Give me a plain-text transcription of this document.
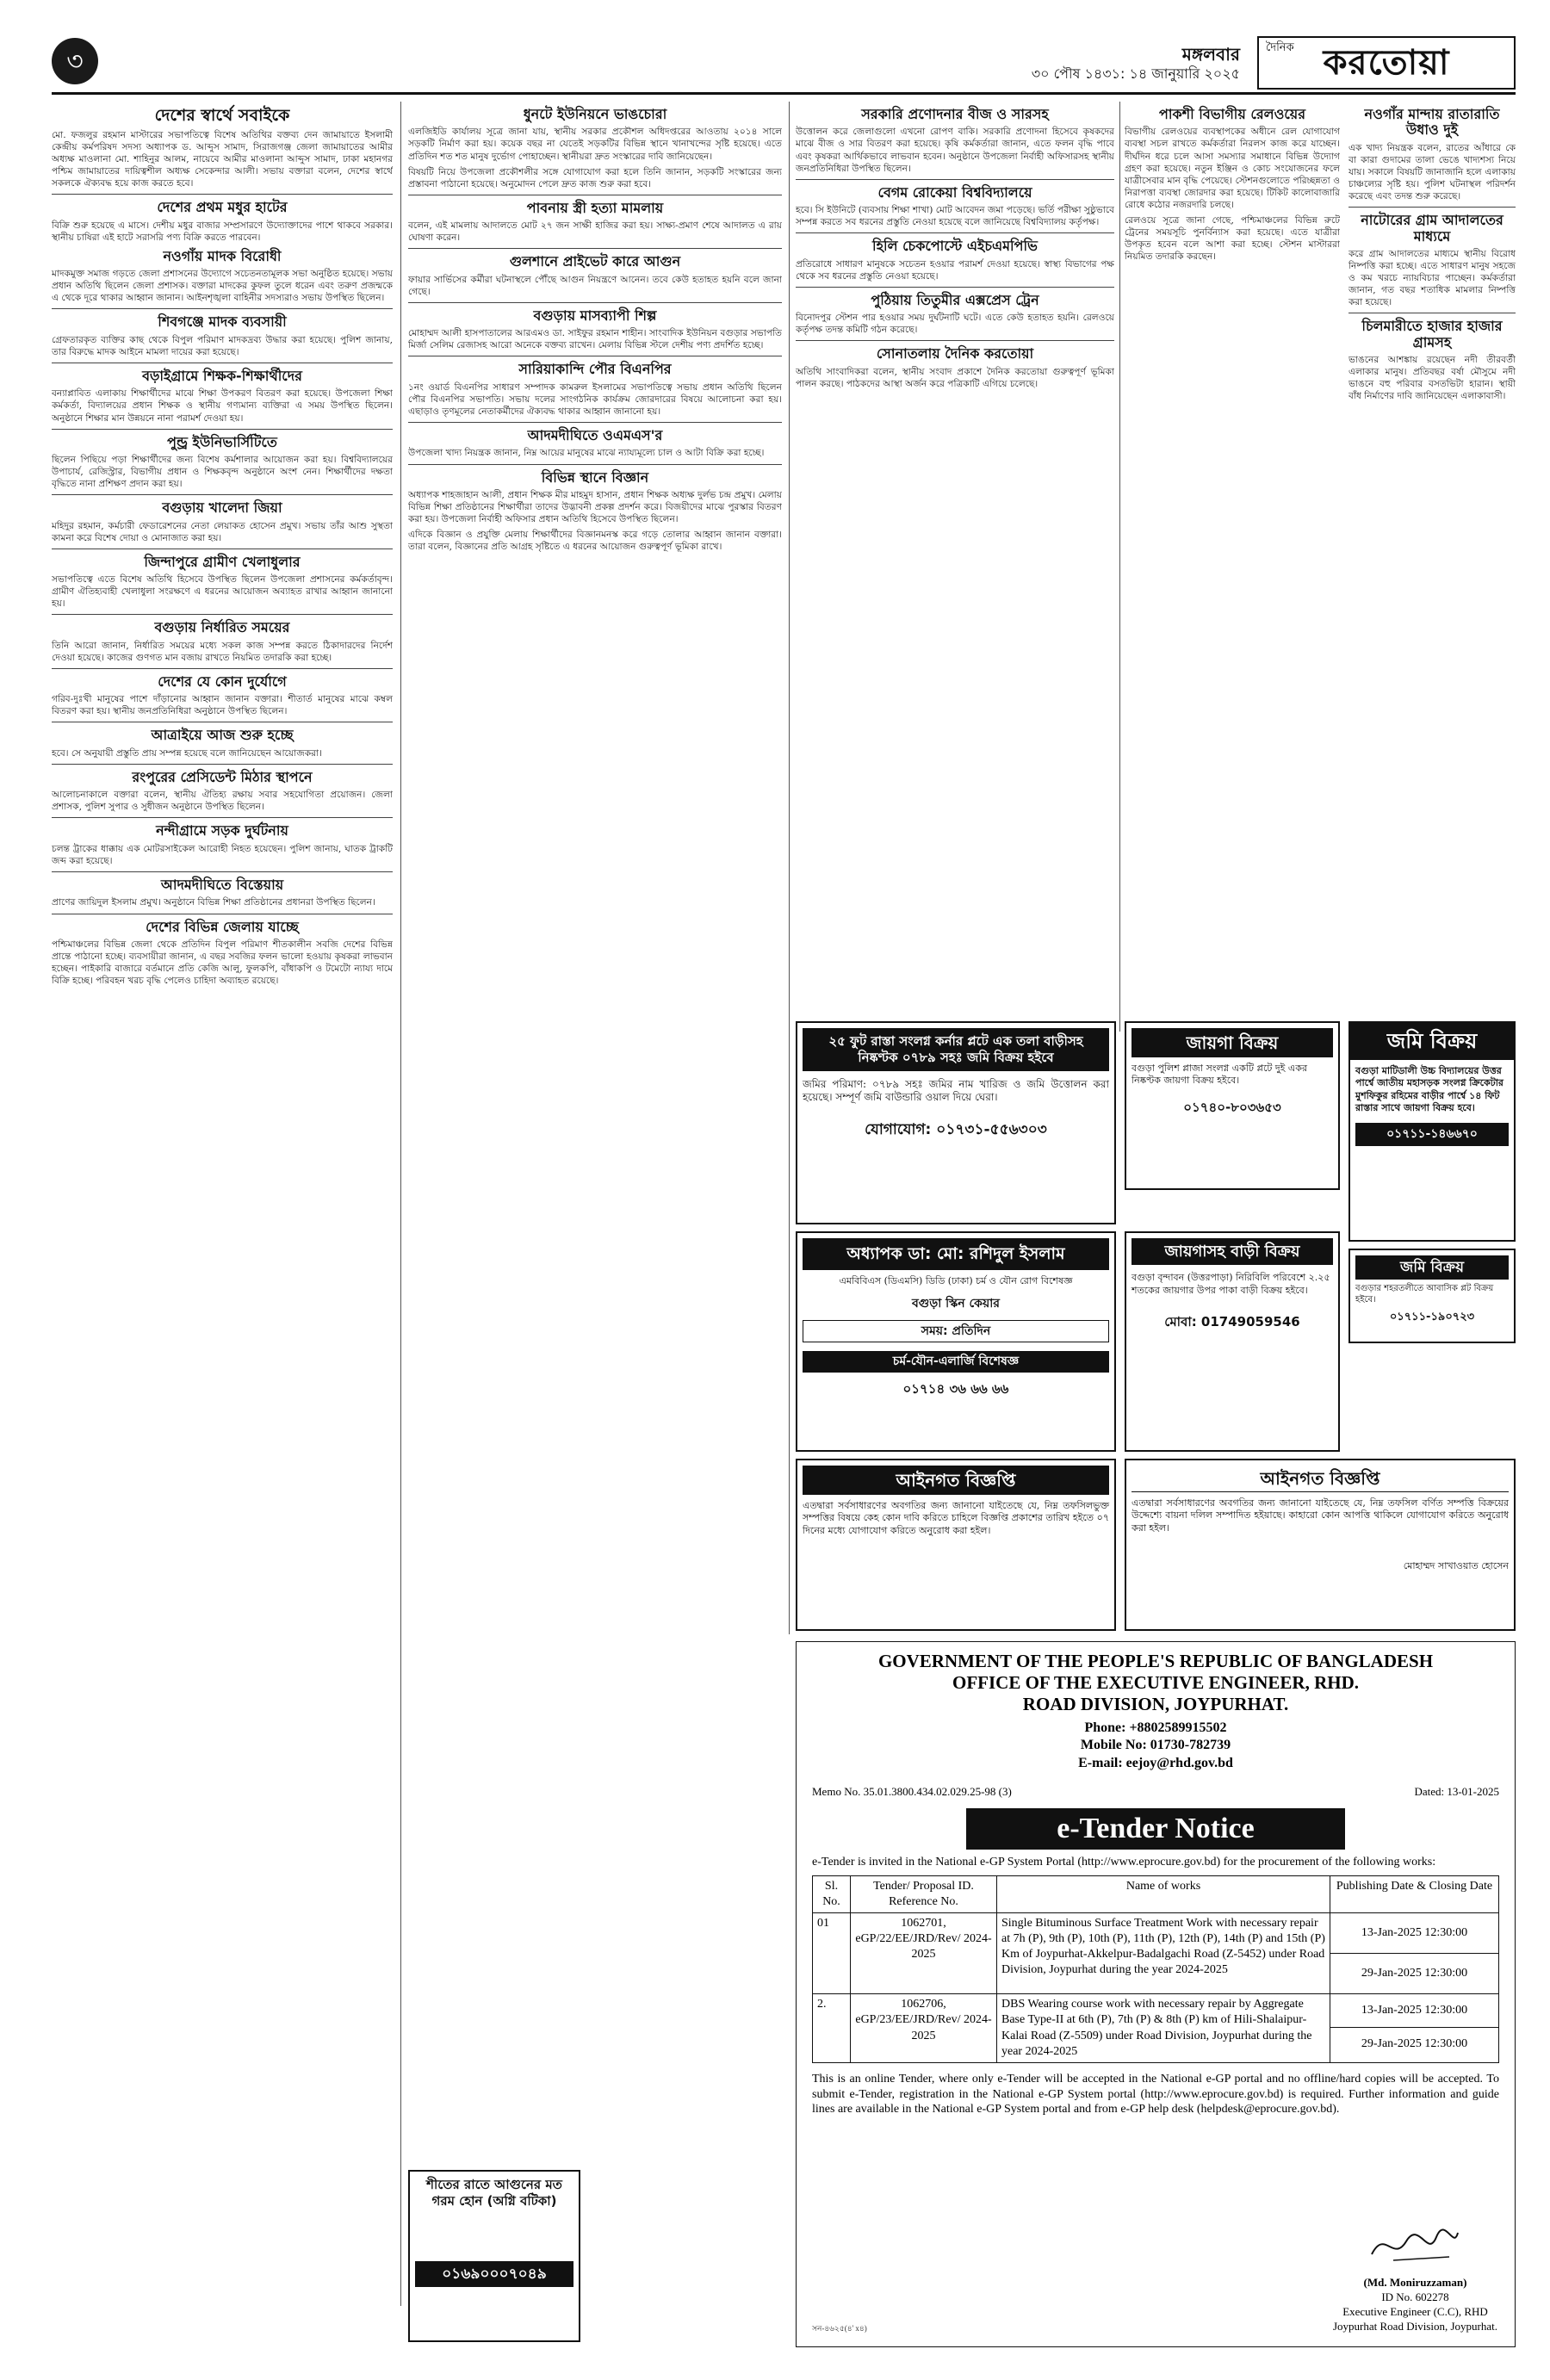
৩	মঙ্গলবার
৩০ পৌষ ১৪৩১: ১৪ জানুয়ারি ২০২৫
দৈনিক করতোয়া
দেশের স্বার্থে সবাইকে

মো. ফজলুর রহমান মাস্টারের সভাপতিত্বে বিশেষ অতিথির বক্তব্য দেন জামায়াতে ইসলামী কেন্দ্রীয় কর্মপরিষদ সদস্য অধ্যাপক ড. আব্দুস সামাদ, সিরাজগঞ্জ জেলা জামায়াতের আমীর অধ্যক্ষ মাওলানা মো. শাহিনুর আলম, নায়েবে আমীর মাওলানা আব্দুস সামাদ, ঢাকা মহানগর পশ্চিম জামায়াতের দায়িত্বশীল অধ্যক্ষ সেকেন্দার আলী। সভায় বক্তারা বলেন, দেশের স্বার্থে সকলকে ঐক্যবদ্ধ হয়ে কাজ করতে হবে।

দেশের প্রথম মধুর হাটের

বিক্রি শুরু হয়েছে এ মাসে। দেশীয় মধুর বাজার সম্প্রসারণে উদ্যোক্তাদের পাশে থাকবে সরকার। স্থানীয় চাষিরা এই হাটে সরাসরি পণ্য বিক্রি করতে পারবেন।

নওগাঁয় মাদক বিরোধী

মাদকমুক্ত সমাজ গড়তে জেলা প্রশাসনের উদ্যোগে সচেতনতামূলক সভা অনুষ্ঠিত হয়েছে। সভায় প্রধান অতিথি ছিলেন জেলা প্রশাসক। বক্তারা মাদকের কুফল তুলে ধরেন এবং তরুণ প্রজন্মকে এ থেকে দূরে থাকার আহ্বান জানান। আইনশৃঙ্খলা বাহিনীর সদস্যরাও সভায় উপস্থিত ছিলেন।

শিবগঞ্জে মাদক ব্যবসায়ী

গ্রেফতারকৃত ব্যক্তির কাছ থেকে বিপুল পরিমাণ মাদকদ্রব্য উদ্ধার করা হয়েছে। পুলিশ জানায়, তার বিরুদ্ধে মাদক আইনে মামলা দায়ের করা হয়েছে।

বড়াইগ্রামে শিক্ষক-শিক্ষার্থীদের

বন্যাপ্লাবিত এলাকায় শিক্ষার্থীদের মাঝে শিক্ষা উপকরণ বিতরণ করা হয়েছে। উপজেলা শিক্ষা কর্মকর্তা, বিদ্যালয়ের প্রধান শিক্ষক ও স্থানীয় গণ্যমান্য ব্যক্তিরা এ সময় উপস্থিত ছিলেন। অনুষ্ঠানে শিক্ষার মান উন্নয়নে নানা পরামর্শ দেওয়া হয়।

পুন্ড্র ইউনিভার্সিটিতে

ছিলেন পিছিয়ে পড়া শিক্ষার্থীদের জন্য বিশেষ কর্মশালার আয়োজন করা হয়। বিশ্ববিদ্যালয়ের উপাচার্য, রেজিস্ট্রার, বিভাগীয় প্রধান ও শিক্ষকবৃন্দ অনুষ্ঠানে অংশ নেন। শিক্ষার্থীদের দক্ষতা বৃদ্ধিতে নানা প্রশিক্ষণ প্রদান করা হয়।

বগুড়ায় খালেদা জিয়া

মহিদুর রহমান, কর্মচারী ফেডারেশনের নেতা লেয়াকত হোসেন প্রমুখ। সভায় তাঁর আশু সুস্থতা কামনা করে বিশেষ দোয়া ও মোনাজাত করা হয়।

জিন্দাপুরে গ্রামীণ খেলাধুলার

সভাপতিত্বে এতে বিশেষ অতিথি হিসেবে উপস্থিত ছিলেন উপজেলা প্রশাসনের কর্মকর্তাবৃন্দ। গ্রামীণ ঐতিহ্যবাহী খেলাধুলা সংরক্ষণে এ ধরনের আয়োজন অব্যাহত রাখার আহ্বান জানানো হয়।

বগুড়ায় নির্ধারিত সময়ের

তিনি আরো জানান, নির্ধারিত সময়ের মধ্যে সকল কাজ সম্পন্ন করতে ঠিকাদারদের নির্দেশ দেওয়া হয়েছে। কাজের গুণগত মান বজায় রাখতে নিয়মিত তদারকি করা হচ্ছে।

দেশের যে কোন দুর্যোগে

গরিব-দুঃখী মানুষের পাশে দাঁড়ানোর আহ্বান জানান বক্তারা। শীতার্ত মানুষের মাঝে কম্বল বিতরণ করা হয়। স্থানীয় জনপ্রতিনিধিরা অনুষ্ঠানে উপস্থিত ছিলেন।

আত্রাইয়ে আজ শুরু হচ্ছে

হবে। সে অনুযায়ী প্রস্তুতি প্রায় সম্পন্ন হয়েছে বলে জানিয়েছেন আয়োজকরা।

রংপুরের প্রেসিডেন্ট মিঠার স্থাপনে

আলোচনাকালে বক্তারা বলেন, স্থানীয় ঐতিহ্য রক্ষায় সবার সহযোগিতা প্রয়োজন। জেলা প্রশাসক, পুলিশ সুপার ও সুধীজন অনুষ্ঠানে উপস্থিত ছিলেন।

নন্দীগ্রামে সড়ক দুর্ঘটনায়

চলন্ত ট্রাকের ধাক্কায় এক মোটরসাইকেল আরোহী নিহত হয়েছেন। পুলিশ জানায়, ঘাতক ট্রাকটি জব্দ করা হয়েছে।

আদমদীঘিতে বিস্তেয়ায়

প্রাণের জায়িদুল ইসলাম প্রমুখ। অনুষ্ঠানে বিভিন্ন শিক্ষা প্রতিষ্ঠানের প্রধানরা উপস্থিত ছিলেন।

দেশের বিভিন্ন জেলায় যাচ্ছে

পশ্চিমাঞ্চলের বিভিন্ন জেলা থেকে প্রতিদিন বিপুল পরিমাণ শীতকালীন সবজি দেশের বিভিন্ন প্রান্তে পাঠানো হচ্ছে। ব্যবসায়ীরা জানান, এ বছর সবজির ফলন ভালো হওয়ায় কৃষকরা লাভবান হচ্ছেন। পাইকারি বাজারে বর্তমানে প্রতি কেজি আলু, ফুলকপি, বাঁধাকপি ও টমেটো ন্যায্য দামে বিক্রি হচ্ছে। পরিবহন খরচ বৃদ্ধি পেলেও চাহিদা অব্যাহত রয়েছে।

ধুনটে ইউনিয়নে ভাঙচোরা

এলজিইডি কার্যালয় সূত্রে জানা যায়, স্থানীয় সরকার প্রকৌশল অধিদপ্তরের আওতায় ২০১৪ সালে সড়কটি নির্মাণ করা হয়। কয়েক বছর না যেতেই সড়কটির বিভিন্ন স্থানে খানাখন্দের সৃষ্টি হয়েছে। এতে প্রতিদিন শত শত মানুষ দুর্ভোগ পোহাচ্ছেন। স্থানীয়রা দ্রুত সংস্কারের দাবি জানিয়েছেন।

বিষয়টি নিয়ে উপজেলা প্রকৌশলীর সঙ্গে যোগাযোগ করা হলে তিনি জানান, সড়কটি সংস্কারের জন্য প্রস্তাবনা পাঠানো হয়েছে। অনুমোদন পেলে দ্রুত কাজ শুরু করা হবে।

পাবনায় স্ত্রী হত্যা মামলায়

বলেন, এই মামলায় আদালতে মোট ২৭ জন সাক্ষী হাজির করা হয়। সাক্ষ্য-প্রমাণ শেষে আদালত এ রায় ঘোষণা করেন।

গুলশানে প্রাইভেট কারে আগুন

ফায়ার সার্ভিসের কর্মীরা ঘটনাস্থলে পৌঁছে আগুন নিয়ন্ত্রণে আনেন। তবে কেউ হতাহত হয়নি বলে জানা গেছে।

বগুড়ায় মাসব্যাপী শিল্প

মোহাম্মদ আলী হাসপাতালের আরএমও ডা. সাইফুর রহমান শাহীন। সাংবাদিক ইউনিয়ন বগুড়ার সভাপতি মির্জা সেলিম রেজাসহ আরো অনেকে বক্তব্য রাখেন। মেলায় বিভিন্ন স্টলে দেশীয় পণ্য প্রদর্শিত হচ্ছে।

সারিয়াকান্দি পৌর বিএনপির

১নং ওয়ার্ড বিএনপির সাধারণ সম্পাদক কামরুল ইসলামের সভাপতিত্বে সভায় প্রধান অতিথি ছিলেন পৌর বিএনপির সভাপতি। সভায় দলের সাংগঠনিক কার্যক্রম জোরদারের বিষয়ে আলোচনা করা হয়। এছাড়াও তৃণমূলের নেতাকর্মীদের ঐক্যবদ্ধ থাকার আহ্বান জানানো হয়।

আদমদীঘিতে ওএমএস'র

উপজেলা খাদ্য নিয়ন্ত্রক জানান, নিম্ন আয়ের মানুষের মাঝে ন্যায্যমূল্যে চাল ও আটা বিক্রি করা হচ্ছে।

বিভিন্ন স্থানে বিজ্ঞান

অধ্যাপক শাহজাহান আলী, প্রধান শিক্ষক মীর মাহমুদ হাসান, প্রধান শিক্ষক অধ্যক্ষ দুর্লভ চন্দ্র প্রমুখ। মেলায় বিভিন্ন শিক্ষা প্রতিষ্ঠানের শিক্ষার্থীরা তাদের উদ্ভাবনী প্রকল্প প্রদর্শন করে। বিজয়ীদের মাঝে পুরস্কার বিতরণ করা হয়। উপজেলা নির্বাহী অফিসার প্রধান অতিথি হিসেবে উপস্থিত ছিলেন।

এদিকে বিজ্ঞান ও প্রযুক্তি মেলায় শিক্ষার্থীদের বিজ্ঞানমনস্ক করে গড়ে তোলার আহ্বান জানান বক্তারা। তারা বলেন, বিজ্ঞানের প্রতি আগ্রহ সৃষ্টিতে এ ধরনের আয়োজন গুরুত্বপূর্ণ ভূমিকা রাখে।

শীতের রাতে আগুনের মত গরম হোন (অগ্নি বটিকা)
০১৬৯০০০৭০৪৯
সরকারি প্রণোদনার বীজ ও সারসহ

উত্তোলন করে জেলাগুলো এখনো রোপণ বাকি। সরকারি প্রণোদনা হিসেবে কৃষকদের মাঝে বীজ ও সার বিতরণ করা হয়েছে। কৃষি কর্মকর্তারা জানান, এতে ফলন বৃদ্ধি পাবে এবং কৃষকরা আর্থিকভাবে লাভবান হবেন। অনুষ্ঠানে উপজেলা নির্বাহী অফিসারসহ স্থানীয় জনপ্রতিনিধিরা উপস্থিত ছিলেন।

বেগম রোকেয়া বিশ্ববিদ্যালয়ে

হবে। সি ইউনিটে (ব্যবসায় শিক্ষা শাখা) মোট আবেদন জমা পড়েছে। ভর্তি পরীক্ষা সুষ্ঠুভাবে সম্পন্ন করতে সব ধরনের প্রস্তুতি নেওয়া হয়েছে বলে জানিয়েছে বিশ্ববিদ্যালয় কর্তৃপক্ষ।

হিলি চেকপোস্টে এইচএমপিভি

প্রতিরোধে সাধারণ মানুষকে সচেতন হওয়ার পরামর্শ দেওয়া হয়েছে। স্বাস্থ্য বিভাগের পক্ষ থেকে সব ধরনের প্রস্তুতি নেওয়া হয়েছে।

পুঠিয়ায় তিতুমীর এক্সপ্রেস ট্রেন

বিনোদপুর স্টেশন পার হওয়ার সময় দুর্ঘটনাটি ঘটে। এতে কেউ হতাহত হয়নি। রেলওয়ে কর্তৃপক্ষ তদন্ত কমিটি গঠন করেছে।

সোনাতলায় দৈনিক করতোয়া

অতিথি সাংবাদিকরা বলেন, স্থানীয় সংবাদ প্রকাশে দৈনিক করতোয়া গুরুত্বপূর্ণ ভূমিকা পালন করছে। পাঠকদের আস্থা অর্জন করে পত্রিকাটি এগিয়ে চলেছে।

২৫ ফুট রাস্তা সংলগ্ন কর্নার প্লটে এক তলা বাড়ীসহ নিষ্কণ্টক ০৭৮৯ সহঃ জমি বিক্রয় হইবে

জমির পরিমাণ: ০৭৮৯ সহঃ জমির নাম খারিজ ও জমি উত্তোলন করা হয়েছে। সম্পূর্ণ জমি বাউন্ডারি ওয়াল দিয়ে ঘেরা।

যোগাযোগ: ০১৭৩১-৫৫৬৩০৩
অধ্যাপক ডা: মো: রশিদুল ইসলাম

এমবিবিএস (ডিএমসি) ডিডি (ঢাকা) চর্ম ও যৌন রোগ বিশেষজ্ঞ

বগুড়া স্কিন কেয়ার
সময়: প্রতিদিন
চর্ম-যৌন-এলার্জি বিশেষজ্ঞ
০১৭১৪ ৩৬ ৬৬ ৬৬
আইনগত বিজ্ঞপ্তি

এতদ্বারা সর্বসাধারণের অবগতির জন্য জানানো যাইতেছে যে, নিম্ন তফসিলভুক্ত সম্পত্তির বিষয়ে কেহ কোন দাবি করিতে চাহিলে বিজ্ঞপ্তি প্রকাশের তারিখ হইতে ০৭ দিনের মধ্যে যোগাযোগ করিতে অনুরোধ করা হইল।

পাকশী বিভাগীয় রেলওয়ের

বিভাগীয় রেলওয়ের ব্যবস্থাপকের অধীনে রেল যোগাযোগ ব্যবস্থা সচল রাখতে কর্মকর্তারা নিরলস কাজ করে যাচ্ছেন। দীর্ঘদিন ধরে চলে আসা সমস্যার সমাধানে বিভিন্ন উদ্যোগ গ্রহণ করা হয়েছে। নতুন ইঞ্জিন ও কোচ সংযোজনের ফলে যাত্রীসেবার মান বৃদ্ধি পেয়েছে। স্টেশনগুলোতে পরিচ্ছন্নতা ও নিরাপত্তা ব্যবস্থা জোরদার করা হয়েছে। টিকিট কালোবাজারি রোধে কঠোর নজরদারি চলছে।

রেলওয়ে সূত্রে জানা গেছে, পশ্চিমাঞ্চলের বিভিন্ন রুটে ট্রেনের সময়সূচি পুনর্বিন্যাস করা হয়েছে। এতে যাত্রীরা উপকৃত হবেন বলে আশা করা হচ্ছে। স্টেশন মাস্টাররা নিয়মিত তদারকি করছেন।

জায়গা বিক্রয়

বগুড়া পুলিশ প্লাজা সংলগ্ন একটি প্লটে দুই একর নিষ্কণ্টক জায়গা বিক্রয় হইবে।

০১৭৪০-৮০৩৬৫৩
জায়গাসহ বাড়ী বিক্রয়

বগুড়া বৃন্দাবন (উত্তরপাড়া) নিরিবিলি পরিবেশে ২.২৫ শতকের জায়গার উপর পাকা বাড়ী বিক্রয় হইবে।

মোবা: 01749059546
নওগাঁর মান্দায় রাতারাতি উধাও দুই

এক খাদ্য নিয়ন্ত্রক বলেন, রাতের আঁধারে কে বা কারা গুদামের তালা ভেঙে খাদ্যশস্য নিয়ে যায়। সকালে বিষয়টি জানাজানি হলে এলাকায় চাঞ্চল্যের সৃষ্টি হয়। পুলিশ ঘটনাস্থল পরিদর্শন করেছে এবং তদন্ত শুরু করেছে।

নাটোরের গ্রাম আদালতের মাধ্যমে

করে গ্রাম আদালতের মাধ্যমে স্থানীয় বিরোধ নিষ্পত্তি করা হচ্ছে। এতে সাধারণ মানুষ সহজে ও কম খরচে ন্যায়বিচার পাচ্ছেন। কর্মকর্তারা জানান, গত বছর শতাধিক মামলার নিষ্পত্তি করা হয়েছে।

চিলমারীতে হাজার হাজার গ্রামসহ

ভাঙনের আশঙ্কায় রয়েছেন নদী তীরবর্তী এলাকার মানুষ। প্রতিবছর বর্ষা মৌসুমে নদী ভাঙনে বহু পরিবার বসতভিটা হারান। স্থায়ী বাঁধ নির্মাণের দাবি জানিয়েছেন এলাকাবাসী।

জমি বিক্রয়

বগুড়া মাটিডালী উচ্চ বিদ্যালয়ের উত্তর পার্শ্বে জাতীয় মহাসড়ক সংলগ্ন ক্রিকেটার মুশফিকুর রহিমের বাড়ীর পার্শ্বে ১৪ ফিট রাস্তার সাথে জায়গা বিক্রয় হবে।

০১৭১১-১৪৬৬৭০
জমি বিক্রয়

বগুড়ার শহরতলীতে আবাসিক প্লট বিক্রয় হইবে।

০১৭১১-১৯০৭২৩
আইনগত বিজ্ঞপ্তি

এতদ্বারা সর্বসাধারণের অবগতির জন্য জানানো যাইতেছে যে, নিম্ন তফসিল বর্ণিত সম্পত্তি বিক্রয়ের উদ্দেশ্যে বায়না দলিল সম্পাদিত হইয়াছে। কাহারো কোন আপত্তি থাকিলে যোগাযোগ করিতে অনুরোধ করা হইল।

মোহাম্মদ সাখাওয়াত হোসেন
GOVERNMENT OF THE PEOPLE'S REPUBLIC OF BANGLADESH
OFFICE OF THE EXECUTIVE ENGINEER, RHD.
ROAD DIVISION, JOYPURHAT.
Phone: +8802589915502
Mobile No: 01730-782739
E-mail: eejoy@rhd.gov.bd
Memo No. 35.01.3800.434.02.029.25-98 (3)	Dated: 13-01-2025
e-Tender Notice
e-Tender is invited in the National e-GP System Portal (http://www.eprocure.gov.bd) for the procurement of the following works:
Sl. No.	Tender/ Proposal ID. Reference No.	Name of works	Publishing Date & Closing Date
01	1062701, eGP/22/EE/JRD/Rev/ 2024-2025	Single Bituminous Surface Treatment Work with necessary repair at 7h (P), 9th (P), 10th (P), 11th (P), 12th (P), 14th (P) and 15th (P) Km of Joypurhat-Akkelpur-Badalgachi Road (Z-5452) under Road Division, Joypurhat during the year 2024-2025	13-Jan-2025 12:30:00
29-Jan-2025 12:30:00

2.	1062706, eGP/23/EE/JRD/Rev/ 2024-2025	DBS Wearing course work with necessary repair by Aggregate Base Type-II at 6th (P), 7th (P) & 8th (P) km of Hili-Shalaipur- Kalai Road (Z-5509) under Road Division, Joypurhat during the year 2024-2025	13-Jan-2025 12:30:00
29-Jan-2025 12:30:00
This is an online Tender, where only e-Tender will be accepted in the National e-GP portal and no offline/hard copies will be accepted. To submit e-Tender, registration in the National e-GP System portal (http://www.eprocure.gov.bd) is required. Further information and guide lines are available in the National e-GP System portal and from e-GP help desk (helpdesk@eprocure.gov.bd).
সন-৪৬২৫(৪' x৪)
(Md. Moniruzzaman)
ID No. 602278
Executive Engineer (C.C), RHD
Joypurhat Road Division, Joypurhat.
